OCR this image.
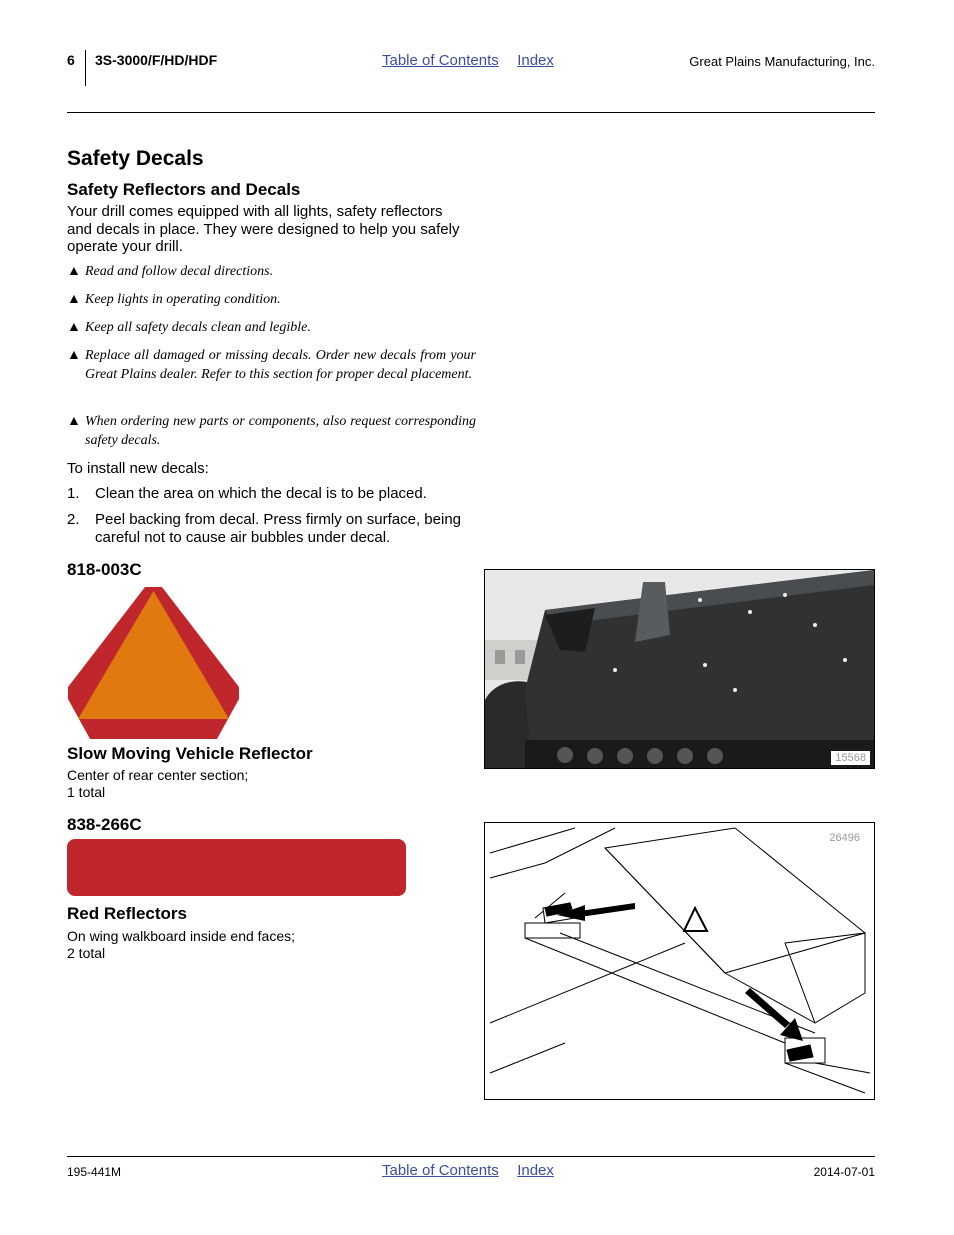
6 3S-3000/F/HD/HDF	Table of Contents Index	Great Plains Manufacturing, Inc.
Safety Decals
Safety Reflectors and Decals
Your drill comes equipped with all lights, safety reflectors and decals in place. They were designed to help you safely operate your drill.
▲ Read and follow decal directions.
▲ Keep lights in operating condition.
▲ Keep all safety decals clean and legible.
▲ Replace all damaged or missing decals. Order new decals from your Great Plains dealer. Refer to this section for proper decal placement.
▲ When ordering new parts or components, also request corresponding safety decals.
To install new decals:
1. Clean the area on which the decal is to be placed.
2. Peel backing from decal. Press firmly on surface, being careful not to cause air bubbles under decal.
818-003C
Slow Moving Vehicle Reflector
Center of rear center section;
1 total
15568
838-266C
Red Reflectors
On wing walkboard inside end faces;
2 total
26496
195-441M	Table of Contents Index	2014-07-01
